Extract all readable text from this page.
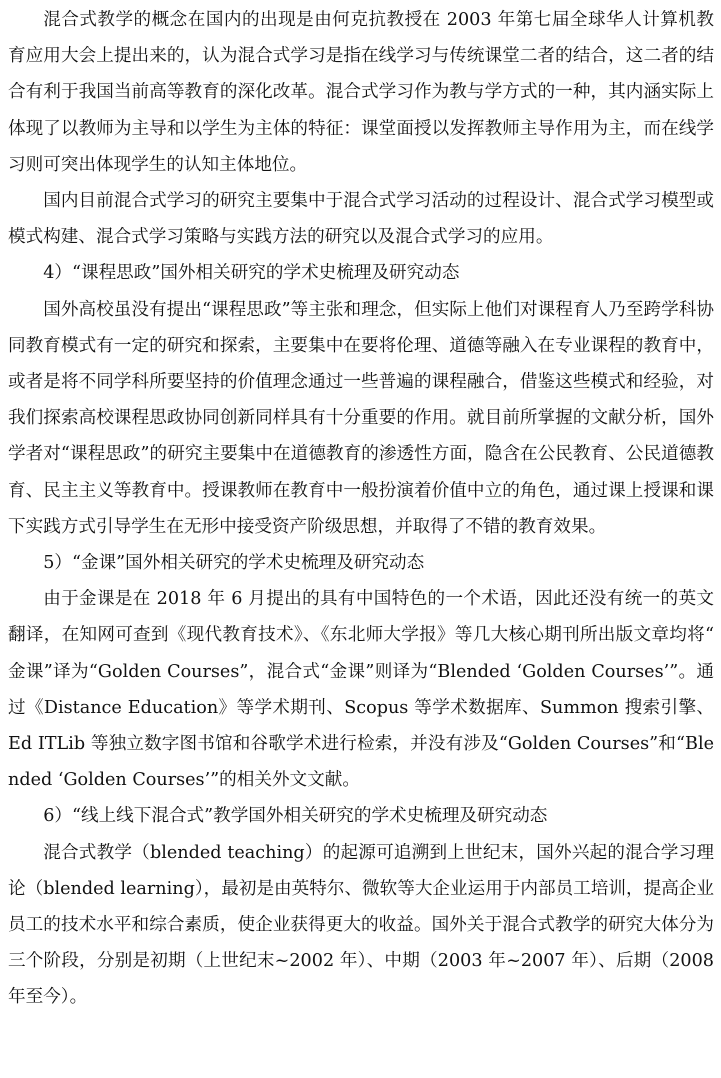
混合式教学的概念在国内的出现是由何克抗教授在 2003 年第七届全球华人计算机教育应用大会上提出来的，认为混合式学习是指在线学习与传统课堂二者的结合，这二者的结合有利于我国当前高等教育的深化改革。混合式学习作为教与学方式的一种，其内涵实际上体现了以教师为主导和以学生为主体的特征：课堂面授以发挥教师主导作用为主，而在线学习则可突出体现学生的认知主体地位。

国内目前混合式学习的研究主要集中于混合式学习活动的过程设计、混合式学习模型或模式构建、混合式学习策略与实践方法的研究以及混合式学习的应用。

4）“课程思政”国外相关研究的学术史梳理及研究动态

国外高校虽没有提出“课程思政”等主张和理念，但实际上他们对课程育人乃至跨学科协同教育模式有一定的研究和探索，主要集中在要将伦理、道德等融入在专业课程的教育中，或者是将不同学科所要坚持的价值理念通过一些普遍的课程融合，借鉴这些模式和经验，对我们探索高校课程思政协同创新同样具有十分重要的作用。就目前所掌握的文献分析，国外学者对“课程思政”的研究主要集中在道德教育的渗透性方面，隐含在公民教育、公民道德教育、民主主义等教育中。授课教师在教育中一般扮演着价值中立的角色，通过课上授课和课下实践方式引导学生在无形中接受资产阶级思想，并取得了不错的教育效果。

5）“金课”国外相关研究的学术史梳理及研究动态

由于金课是在 2018 年 6 月提出的具有中国特色的一个术语，因此还没有统一的英文翻译，在知网可查到《现代教育技术》、《东北师大学报》等几大核心期刊所出版文章均将“金课”译为“Golden Courses”，混合式“金课”则译为“Blended ‘Golden Courses’”。通过《Distance Education》等学术期刊、Scopus 等学术数据库、Summon 搜索引擎、Ed ITLib 等独立数字图书馆和谷歌学术进行检索，并没有涉及“Golden Courses”和“Blended ‘Golden Courses’”的相关外文文献。

6）“线上线下混合式”教学国外相关研究的学术史梳理及研究动态

混合式教学（blended teaching）的起源可追溯到上世纪末，国外兴起的混合学习理论（blended learning），最初是由英特尔、微软等大企业运用于内部员工培训，提高企业员工的技术水平和综合素质，使企业获得更大的收益。国外关于混合式教学的研究大体分为三个阶段，分别是初期（上世纪末~2002 年）、中期（2003 年~2007 年）、后期（2008 年至今）。
